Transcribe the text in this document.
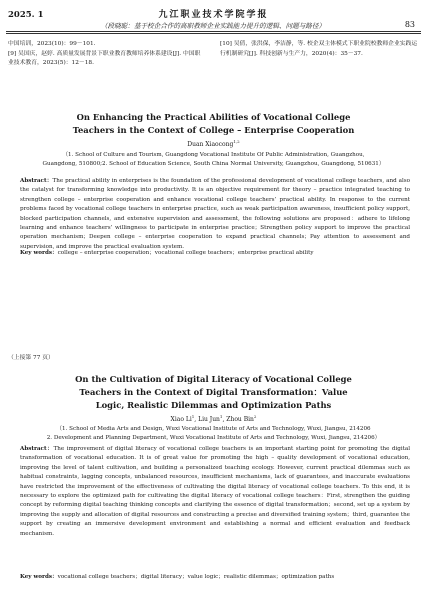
2025. 1	九江职业技术学院学报
（段晓聪：基于校企合作的高职教师企业实践能力提升的逻辑、问题与路径）	83

中国培训，2023(10)：99－101.

[9] 吴国庆，赵婷. 高质量发展背景下职业教育教师培养体系建设[J]. 中国职业技术教育，2023(5)：12－18.

[10] 吴倩，张洪保，李洁静，等. 校企双主体模式下职业院校教师企业实践运行机制研究[J]. 科技创新与生产力，2020(4)：35－37.

On Enhancing the Practical Abilities of Vocational College
Teachers in the Context of College – Enterprise Cooperation
Duan Xiaocong$^{1,2}$
（1. School of Culture and Tourism, Guangdong Vocational Institute Of Public Administration, Guangzhou,
Guangdong, 510800;2. School of Education Science, South China Normal University, Guangzhou, Guangdong, 510631）
Abstract：The practical ability in enterprises is the foundation of the professional development of vocational college teachers, and also the catalyst for transforming knowledge into productivity. It is an objective requirement for theory – practice integrated teaching to strengthen college – enterprise cooperation and enhance vocational college teachers’ practical ability. In response to the current problems faced by vocational college teachers in enterprise practice, such as weak participation awareness, insufficient policy support, blocked participation channels, and extensive supervision and assessment, the following solutions are proposed：adhere to lifelong learning and enhance teachers’ willingness to participate in enterprise practice；Strengthen policy support to improve the practical operation mechanism；Deepen college – enterprise cooperation to expand practical channels；Pay attention to assessment and supervision, and improve the practical evaluation system.
Key words：college – enterprise cooperation；vocational college teachers；enterprise practical ability
（上接第 77 页）
On the Cultivation of Digital Literacy of Vocational College
Teachers in the Context of Digital Transformation：Value
Logic, Realistic Dilemmas and Optimization Paths
Xiao Li$^1$, Liu Jun$^1$, Zhou Bin$^2$
（1. School of Media Arts and Design, Wuxi Vocational Institute of Arts and Technology, Wuxi, Jiangsu, 214206
2. Development and Planning Department, Wuxi Vocational Institute of Arts and Technology, Wuxi, Jiangsu, 214206）
Abstract：The improvement of digital literacy of vocational college teachers is an important starting point for promoting the digital transformation of vocational education. It is of great value for promoting the high – quality development of vocational education, improving the level of talent cultivation, and building a personalized teaching ecology. However, current practical dilemmas such as habitual constraints, lagging concepts, unbalanced resources, insufficient mechanisms, lack of guarantees, and inaccurate evaluations have restricted the improvement of the effectiveness of cultivating the digital literacy of vocational college teachers. To this end, it is necessary to explore the optimized path for cultivating the digital literacy of vocational college teachers：First, strengthen the guiding concept by reforming digital teaching thinking concepts and clarifying the essence of digital transformation；second, set up a system by improving the supply and allocation of digital resources and constructing a precise and diversified training system；third, guarantee the support by creating an immersive development environment and establishing a normal and efficient evaluation and feedback mechanism.
Key words：vocational college teachers；digital literacy；value logic；realistic dilemmas；optimization paths
